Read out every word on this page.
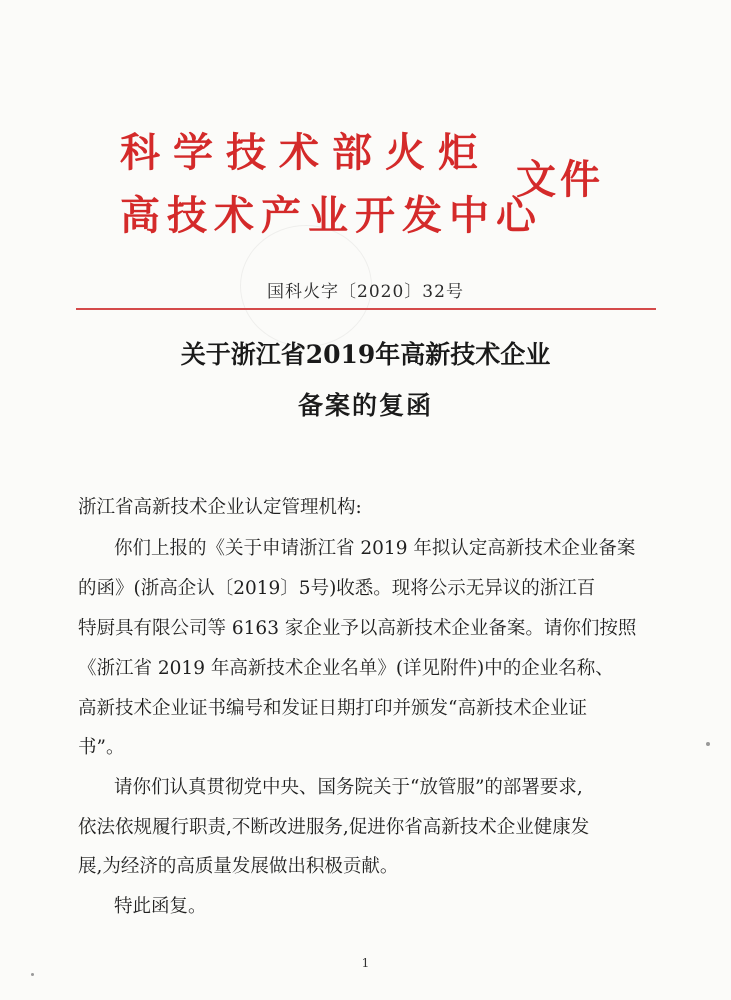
科学技术部火炬
高技术产业开发中心
文件
国科火字〔2020〕32号
关于浙江省2019年高新技术企业
备案的复函
浙江省高新技术企业认定管理机构:
你们上报的《关于申请浙江省 2019 年拟认定高新技术企业备案
的函》(浙高企认〔2019〕5号)收悉。现将公示无异议的浙江百
特厨具有限公司等 6163 家企业予以高新技术企业备案。请你们按照
《浙江省 2019 年高新技术企业名单》(详见附件)中的企业名称、
高新技术企业证书编号和发证日期打印并颁发“高新技术企业证
书”。
请你们认真贯彻党中央、国务院关于“放管服”的部署要求,
依法依规履行职责,不断改进服务,促进你省高新技术企业健康发
展,为经济的高质量发展做出积极贡献。
特此函复。
1
